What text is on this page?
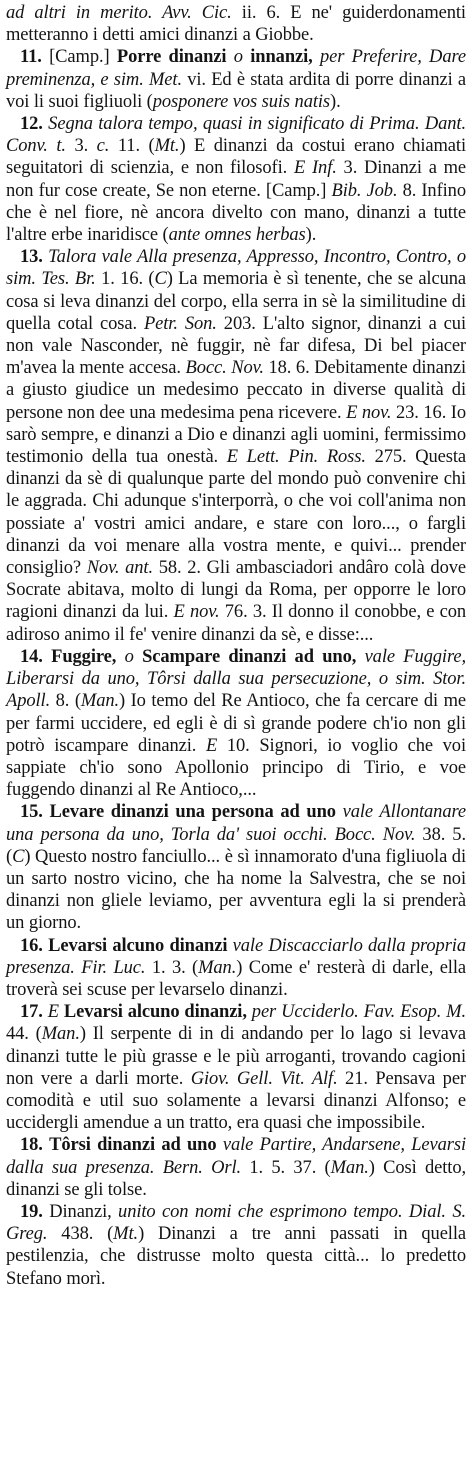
ad altri in merito. Avv. Cic. ii. 6. E ne' guiderdonamenti metteranno i detti amici dinanzi a Giobbe.

11. [Camp.] Porre dinanzi o innanzi, per Preferire, Dare preminenza, e sim. Met. vi. Ed è stata ardita di porre dinanzi a voi li suoi figliuoli (posponere vos suis natis).

12. Segna talora tempo, quasi in significato di Prima. Dant. Conv. t. 3. c. 11. (Mt.) E dinanzi da costui erano chiamati seguitatori di scienzia, e non filosofi. E Inf. 3. Dinanzi a me non fur cose create, Se non eterne. [Camp.] Bib. Job. 8. Infino che è nel fiore, nè ancora divelto con mano, dinanzi a tutte l'altre erbe inaridisce (ante omnes herbas).

13. Talora vale Alla presenza, Appresso, Incontro, Contro, o sim. Tes. Br. 1. 16. (C) La memoria è sì tenente, che se alcuna cosa si leva dinanzi del corpo, ella serra in sè la similitudine di quella cotal cosa. Petr. Son. 203. L'alto signor, dinanzi a cui non vale Nasconder, nè fuggir, nè far difesa, Di bel piacer m'avea la mente accesa. Bocc. Nov. 18. 6. Debitamente dinanzi a giusto giudice un medesimo peccato in diverse qualità di persone non dee una medesima pena ricevere. E nov. 23. 16. Io sarò sempre, e dinanzi a Dio e dinanzi agli uomini, fermissimo testimonio della tua onestà. E Lett. Pin. Ross. 275. Questa dinanzi da sè di qualunque parte del mondo può convenire chi le aggrada. Chi adunque s'interporrà, o che voi coll'anima non possiate a' vostri amici andare, e stare con loro..., o fargli dinanzi da voi menare alla vostra mente, e quivi... prender consiglio? Nov. ant. 58. 2. Gli ambasciadori andâro colà dove Socrate abitava, molto di lungi da Roma, per opporre le loro ragioni dinanzi da lui. E nov. 76. 3. Il donno il conobbe, e con adiroso animo il fe' venire dinanzi da sè, e disse:...

14. Fuggire, o Scampare dinanzi ad uno, vale Fuggire, Liberarsi da uno, Tôrsi dalla sua persecuzione, o sim. Stor. Apoll. 8. (Man.) Io temo del Re Antioco, che fa cercare di me per farmi uccidere, ed egli è di sì grande podere ch'io non gli potrò iscampare dinanzi. E 10. Signori, io voglio che voi sappiate ch'io sono Apollonio principo di Tirio, e voe fuggendo dinanzi al Re Antioco,...

15. Levare dinanzi una persona ad uno vale Allontanare una persona da uno, Torla da' suoi occhi. Bocc. Nov. 38. 5. (C) Questo nostro fanciullo... è sì innamorato d'una figliuola di un sarto nostro vicino, che ha nome la Salvestra, che se noi dinanzi non gliele leviamo, per avventura egli la si prenderà un giorno.

16. Levarsi alcuno dinanzi vale Discacciarlo dalla propria presenza. Fir. Luc. 1. 3. (Man.) Come e' resterà di darle, ella troverà sei scuse per levarselo dinanzi.

17. E Levarsi alcuno dinanzi, per Ucciderlo. Fav. Esop. M. 44. (Man.) Il serpente di in di andando per lo lago si levava dinanzi tutte le più grasse e le più arroganti, trovando cagioni non vere a darli morte. Giov. Gell. Vit. Alf. 21. Pensava per comodità e util suo solamente a levarsi dinanzi Alfonso; e uccidergli amendue a un tratto, era quasi che impossibile.

18. Tôrsi dinanzi ad uno vale Partire, Andarsene, Levarsi dalla sua presenza. Bern. Orl. 1. 5. 37. (Man.) Così detto, dinanzi se gli tolse.

19. Dinanzi, unito con nomi che esprimono tempo. Dial. S. Greg. 438. (Mt.) Dinanzi a tre anni passati in quella pestilenzia, che distrusse molto questa città... lo predetto Stefano morì.
